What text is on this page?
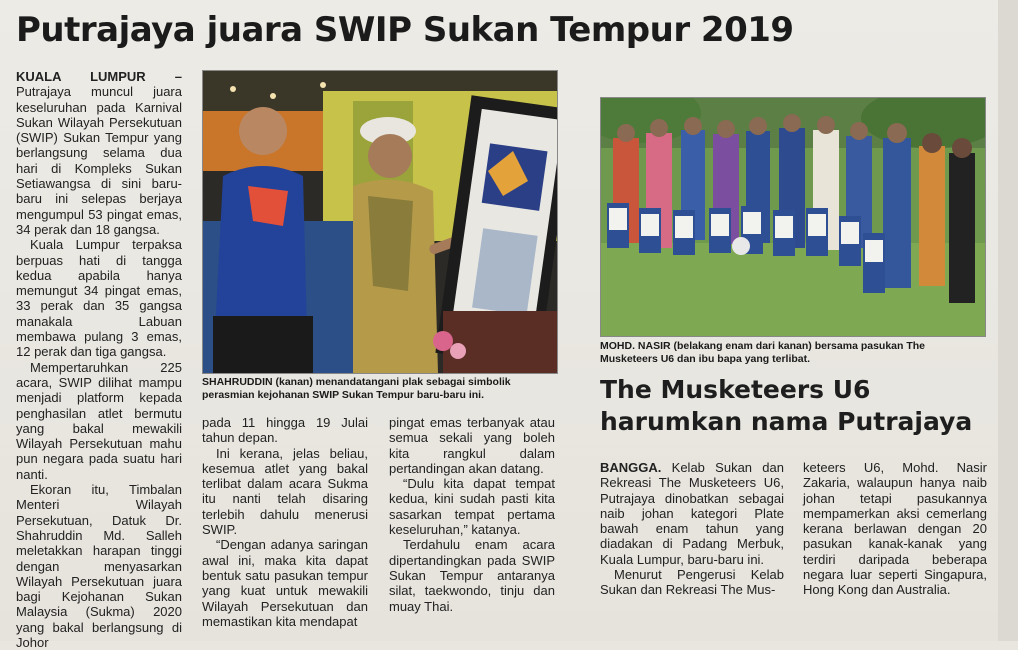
Putrajaya juara SWIP Sukan Tempur 2019

KUALA LUMPUR – Putrajaya muncul juara keseluruhan pada Karnival Sukan Wilayah Persekutuan (SWIP) Sukan Tempur yang berlangsung selama dua hari di Kompleks Sukan Setiawangsa di sini baru-baru ini selepas berjaya mengumpul 53 pingat emas, 34 perak dan 18 gangsa.

Kuala Lumpur terpaksa berpuas hati di tangga kedua apabila hanya memungut 34 pingat emas, 33 perak dan 35 gangsa manakala Labuan membawa pulang 3 emas, 12 perak dan tiga gangsa.

Mempertaruhkan 225 acara, SWIP dilihat mampu menjadi platform kepada penghasilan atlet bermutu yang bakal mewakili Wilayah Persekutuan mahu pun negara pada suatu hari nanti.

Ekoran itu, Timbalan Menteri Wilayah Persekutuan, Datuk Dr. Shahruddin Md. Salleh meletakkan harapan tinggi dengan menyasarkan Wilayah Persekutuan juara bagi Kejohanan Sukan Malaysia (Sukma) 2020 yang bakal berlangsung di Johor

SHAHRUDDIN (kanan) menandatangani plak sebagai simbolik perasmian kejohanan SWIP Sukan Tempur baru-baru ini.

pada 11 hingga 19 Julai tahun depan.

Ini kerana, jelas beliau, kesemua atlet yang bakal terlibat dalam acara Sukma itu nanti telah disaring terlebih dahulu menerusi SWIP.

“Dengan adanya saringan awal ini, maka kita dapat bentuk satu pasukan tempur yang kuat untuk mewakili Wilayah Persekutuan dan memastikan kita mendapat

pingat emas terbanyak atau semua sekali yang boleh kita rangkul dalam pertandingan akan datang.

“Dulu kita dapat tempat kedua, kini sudah pasti kita sasarkan tempat pertama keseluruhan,” katanya.

Terdahulu enam acara dipertandingkan pada SWIP Sukan Tempur antaranya silat, taekwondo, tinju dan muay Thai.

MOHD. NASIR (belakang enam dari kanan) bersama pasukan The Musketeers U6 dan ibu bapa yang terlibat.
The Musketeers U6 harumkan nama Putrajaya

BANGGA. Kelab Sukan dan Rekreasi The Musketeers U6, Putrajaya dinobatkan sebagai naib johan kategori Plate bawah enam tahun yang diadakan di Padang Merbuk, Kuala Lumpur, baru-baru ini.

Menurut Pengerusi Kelab Sukan dan Rekreasi The Mus-

keteers U6, Mohd. Nasir Zakaria, walaupun hanya naib johan tetapi pasukannya mempamerkan aksi cemerlang kerana berlawan dengan 20 pasukan kanak-kanak yang terdiri daripada beberapa negara luar seperti Singapura, Hong Kong dan Australia.
